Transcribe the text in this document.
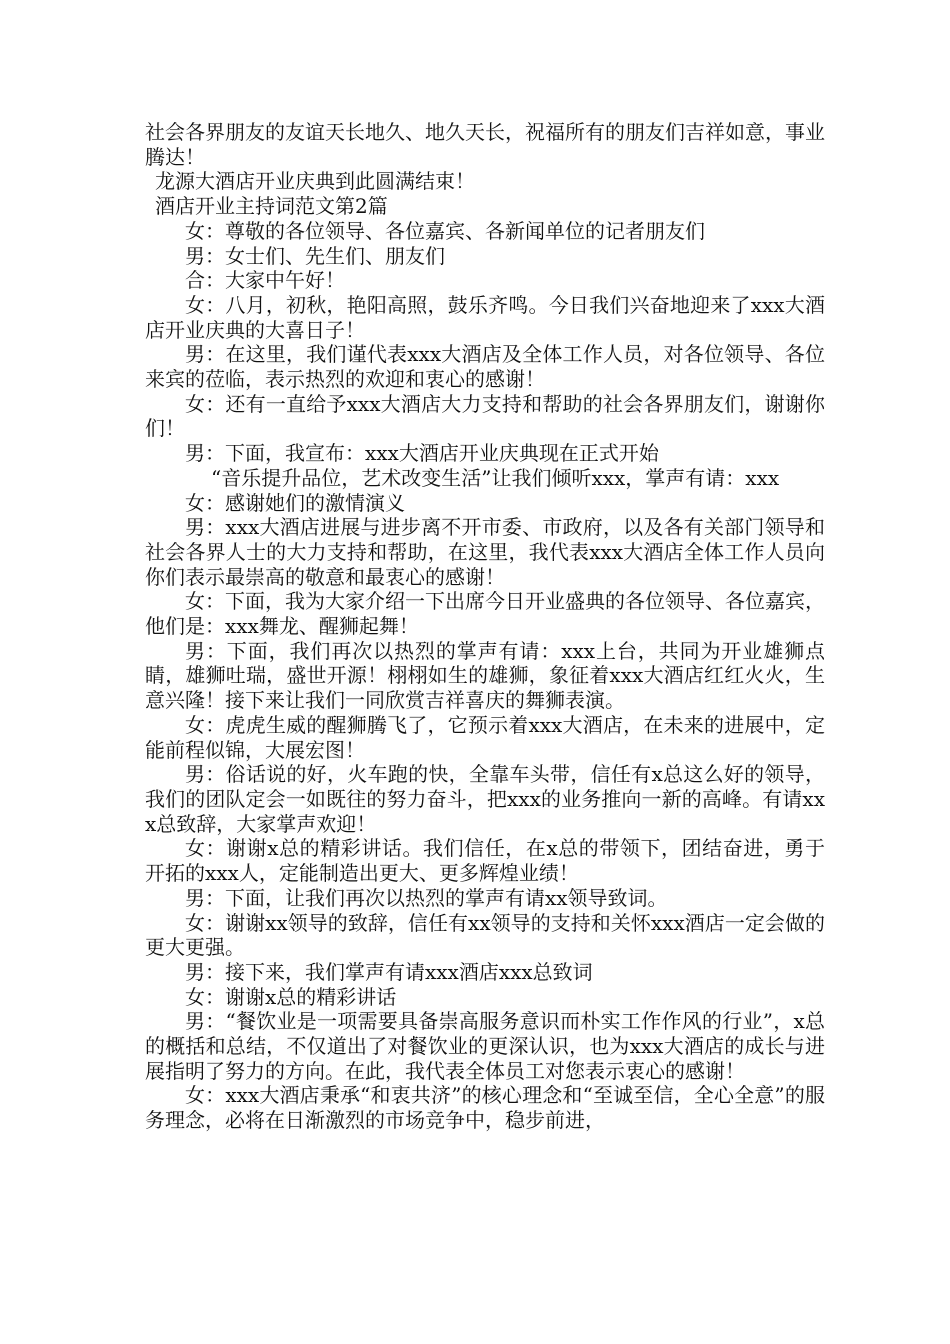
社会各界朋友的友谊天长地久、地久天长，祝福所有的朋友们吉祥如意，事业腾达！

龙源大酒店开业庆典到此圆满结束！

酒店开业主持词范文第2篇

女：尊敬的各位领导、各位嘉宾、各新闻单位的记者朋友们

男：女士们、先生们、朋友们

合：大家中午好！

女：八月，初秋，艳阳高照，鼓乐齐鸣。今日我们兴奋地迎来了xxx大酒店开业庆典的大喜日子！

男：在这里，我们谨代表xxx大酒店及全体工作人员，对各位领导、各位来宾的莅临，表示热烈的欢迎和衷心的感谢！

女：还有一直给予xxx大酒店大力支持和帮助的社会各界朋友们，谢谢你们！

男：下面，我宣布：xxx大酒店开业庆典现在正式开始

“音乐提升品位，艺术改变生活”让我们倾听xxx，掌声有请：xxx

女：感谢她们的激情演义

男：xxx大酒店进展与进步离不开市委、市政府，以及各有关部门领导和社会各界人士的大力支持和帮助，在这里，我代表xxx大酒店全体工作人员向你们表示最崇高的敬意和最衷心的感谢！

女：下面，我为大家介绍一下出席今日开业盛典的各位领导、各位嘉宾，他们是：xxx舞龙、醒狮起舞！

男：下面，我们再次以热烈的掌声有请：xxx上台，共同为开业雄狮点睛，雄狮吐瑞，盛世开源！栩栩如生的雄狮，象征着xxx大酒店红红火火，生意兴隆！接下来让我们一同欣赏吉祥喜庆的舞狮表演。

女：虎虎生威的醒狮腾飞了，它预示着xxx大酒店，在未来的进展中，定能前程似锦，大展宏图！

男：俗话说的好，火车跑的快，全靠车头带，信任有x总这么好的领导，我们的团队定会一如既往的努力奋斗，把xxx的业务推向一新的高峰。有请xxx总致辞，大家掌声欢迎！

女：谢谢x总的精彩讲话。我们信任，在x总的带领下，团结奋进，勇于开拓的xxx人，定能制造出更大、更多辉煌业绩！

男：下面，让我们再次以热烈的掌声有请xx领导致词。

女：谢谢xx领导的致辞，信任有xx领导的支持和关怀xxx酒店一定会做的更大更强。

男：接下来，我们掌声有请xxx酒店xxx总致词

女：谢谢x总的精彩讲话

男：“餐饮业是一项需要具备崇高服务意识而朴实工作作风的行业”，x总的概括和总结，不仅道出了对餐饮业的更深认识，也为xxx大酒店的成长与进展指明了努力的方向。在此，我代表全体员工对您表示衷心的感谢！

女：xxx大酒店秉承“和衷共济”的核心理念和“至诚至信，全心全意”的服务理念，必将在日渐激烈的市场竞争中，稳步前进，
